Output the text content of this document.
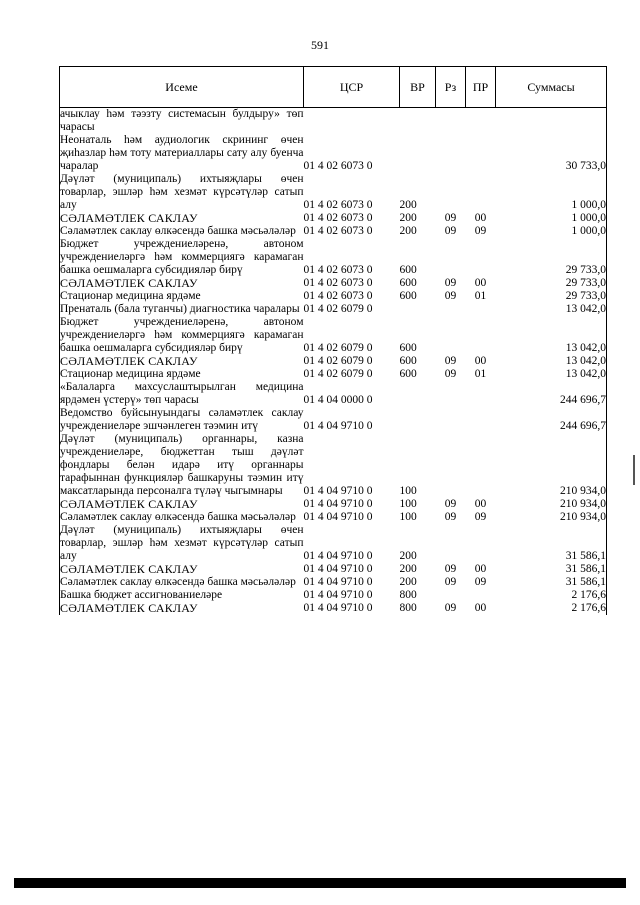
591
Исеме	ЦСР	ВР	Рз	ПР	Суммасы
ачыклау һәм тәэзту системасын булдыру» төп чарасы					
Неонаталь һәм аудиологик скрининг өчен җиһазлар һәм тоту материаллары сату алу буенча чаралар	01 4 02 6073 0				30 733,0
Дәүләт (муниципаль) ихтыяҗлары өчен товарлар, эшләр һәм хезмәт күрсәтүләр сатып алу	01 4 02 6073 0	200			1 000,0
СӘЛАМӘТЛЕК САКЛАУ	01 4 02 6073 0	200	09	00	1 000,0
Сәламәтлек саклау өлкәсендә башка мәсьәләләр	01 4 02 6073 0	200	09	09	1 000,0
Бюджет учреждениеләренә, автоном учреждениеләргә һәм коммерциягә карамаган башка оешмаларга субсидияләр бирү	01 4 02 6073 0	600			29 733,0
СӘЛАМӘТЛЕК САКЛАУ	01 4 02 6073 0	600	09	00	29 733,0
Стационар медицина ярдәме	01 4 02 6073 0	600	09	01	29 733,0
Пренаталь (бала туганчы) диагностика чаралары	01 4 02 6079 0				13 042,0
Бюджет учреждениеләренә, автоном учреждениеләргә һәм коммерциягә карамаган башка оешмаларга субсидияләр бирү	01 4 02 6079 0	600			13 042,0
СӘЛАМӘТЛЕК САКЛАУ	01 4 02 6079 0	600	09	00	13 042,0
Стационар медицина ярдәме	01 4 02 6079 0	600	09	01	13 042,0
«Балаларга махсуслаштырылган медицина ярдәмен үстерү» төп чарасы	01 4 04 0000 0				244 696,7
Ведомство буйсынуындагы сәламәтлек саклау учреждениеләре эшчәнлеген тәэмин итү	01 4 04 9710 0				244 696,7
Дәүләт (муниципаль) органнары, казна учреждениеләре, бюджеттан тыш дәүләт фондлары белән идарә итү органнары тарафыннан функцияләр башкаруны тәэмин итү максатларында персоналга түләү чыгымнары	01 4 04 9710 0	100			210 934,0
СӘЛАМӘТЛЕК САКЛАУ	01 4 04 9710 0	100	09	00	210 934,0
Сәламәтлек саклау өлкәсендә башка мәсьәләләр	01 4 04 9710 0	100	09	09	210 934,0
Дәүләт (муниципаль) ихтыяҗлары өчен товарлар, эшләр һәм хезмәт күрсәтүләр сатып алу	01 4 04 9710 0	200			31 586,1
СӘЛАМӘТЛЕК САКЛАУ	01 4 04 9710 0	200	09	00	31 586,1
Сәламәтлек саклау өлкәсендә башка мәсьәләләр	01 4 04 9710 0	200	09	09	31 586,1
Башка бюджет ассигнованиеләре	01 4 04 9710 0	800			2 176,6
СӘЛАМӘТЛЕК САКЛАУ	01 4 04 9710 0	800	09	00	2 176,6
